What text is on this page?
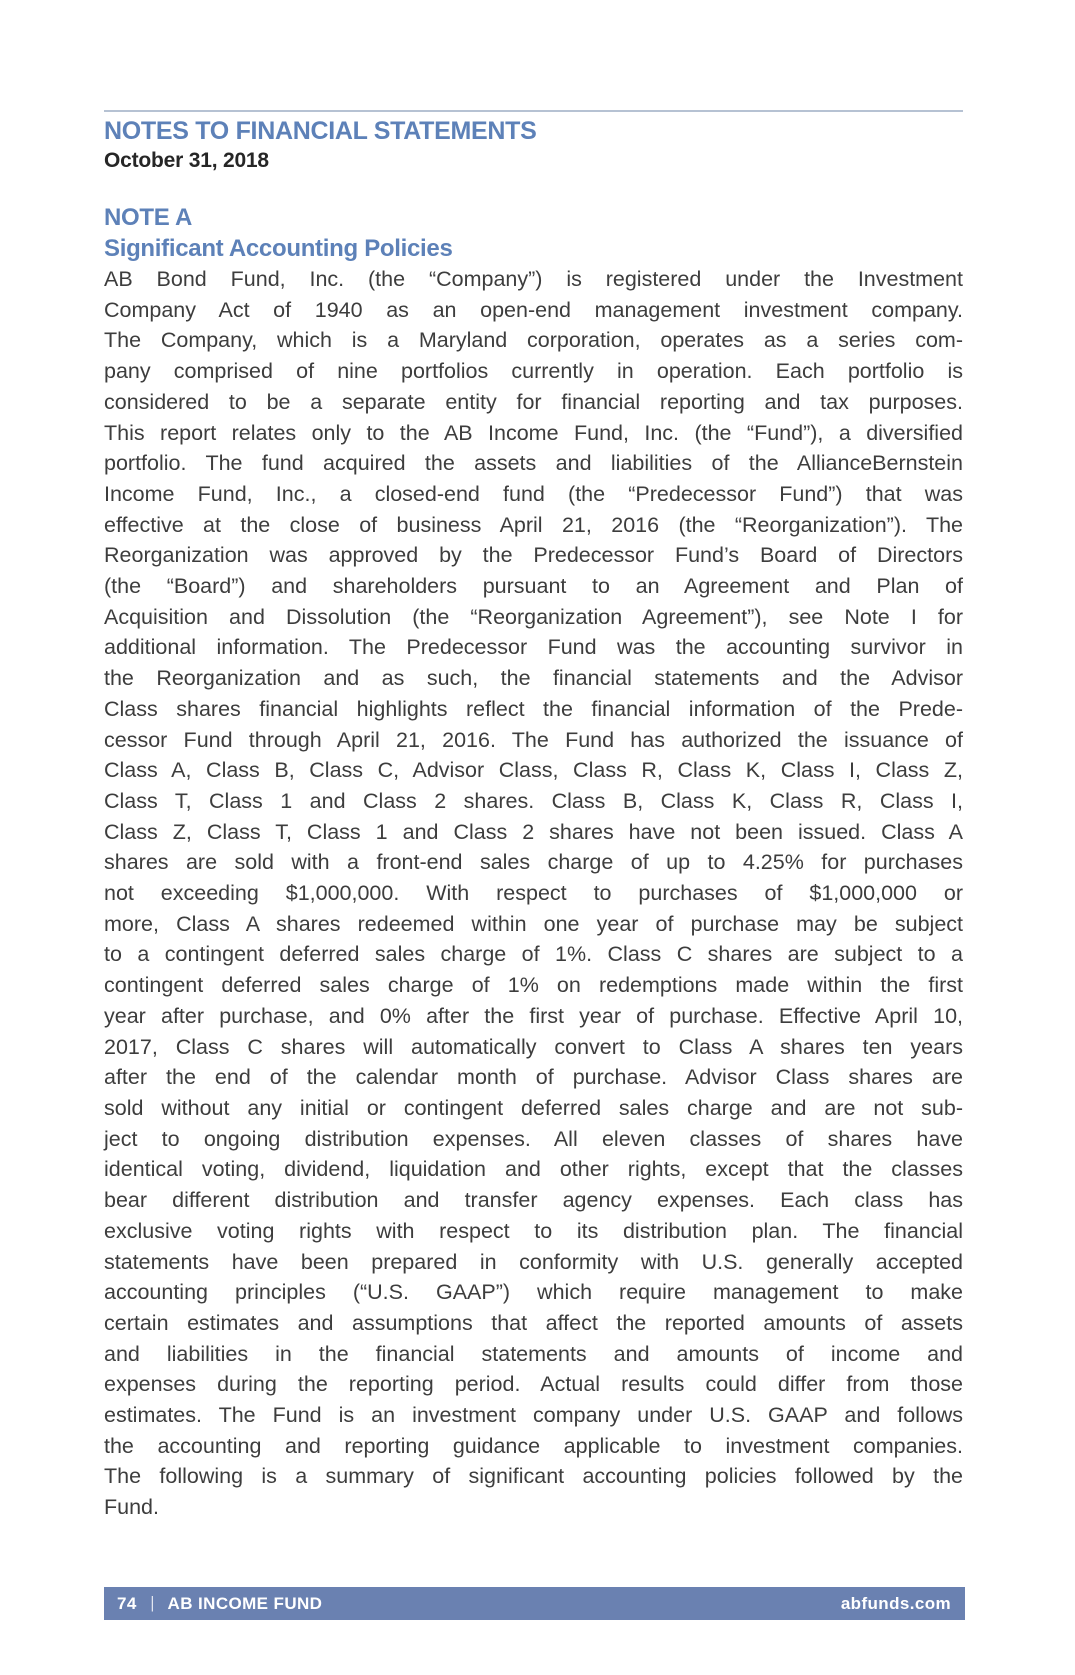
NOTES TO FINANCIAL STATEMENTS
October 31, 2018
NOTE A
Significant Accounting Policies
AB Bond Fund, Inc. (the “Company”) is registered under the Investment
Company Act of 1940 as an open-end management investment company.
The Company, which is a Maryland corporation, operates as a series com-
pany comprised of nine portfolios currently in operation. Each portfolio is
considered to be a separate entity for financial reporting and tax purposes.
This report relates only to the AB Income Fund, Inc. (the “Fund”), a diversified
portfolio. The fund acquired the assets and liabilities of the AllianceBernstein
Income Fund, Inc., a closed-end fund (the “Predecessor Fund”) that was
effective at the close of business April 21, 2016 (the “Reorganization”). The
Reorganization was approved by the Predecessor Fund’s Board of Directors
(the “Board”) and shareholders pursuant to an Agreement and Plan of
Acquisition and Dissolution (the “Reorganization Agreement”), see Note I for
additional information. The Predecessor Fund was the accounting survivor in
the Reorganization and as such, the financial statements and the Advisor
Class shares financial highlights reflect the financial information of the Prede-
cessor Fund through April 21, 2016. The Fund has authorized the issuance of
Class A, Class B, Class C, Advisor Class, Class R, Class K, Class I, Class Z,
Class T, Class 1 and Class 2 shares. Class B, Class K, Class R, Class I,
Class Z, Class T, Class 1 and Class 2 shares have not been issued. Class A
shares are sold with a front-end sales charge of up to 4.25% for purchases
not exceeding $1,000,000. With respect to purchases of $1,000,000 or
more, Class A shares redeemed within one year of purchase may be subject
to a contingent deferred sales charge of 1%. Class C shares are subject to a
contingent deferred sales charge of 1% on redemptions made within the first
year after purchase, and 0% after the first year of purchase. Effective April 10,
2017, Class C shares will automatically convert to Class A shares ten years
after the end of the calendar month of purchase. Advisor Class shares are
sold without any initial or contingent deferred sales charge and are not sub-
ject to ongoing distribution expenses. All eleven classes of shares have
identical voting, dividend, liquidation and other rights, except that the classes
bear different distribution and transfer agency expenses. Each class has
exclusive voting rights with respect to its distribution plan. The financial
statements have been prepared in conformity with U.S. generally accepted
accounting principles (“U.S. GAAP”) which require management to make
certain estimates and assumptions that affect the reported amounts of assets
and liabilities in the financial statements and amounts of income and
expenses during the reporting period. Actual results could differ from those
estimates. The Fund is an investment company under U.S. GAAP and follows
the accounting and reporting guidance applicable to investment companies.
The following is a summary of significant accounting policies followed by the
Fund.
74 | AB INCOME FUND	abfunds.com
